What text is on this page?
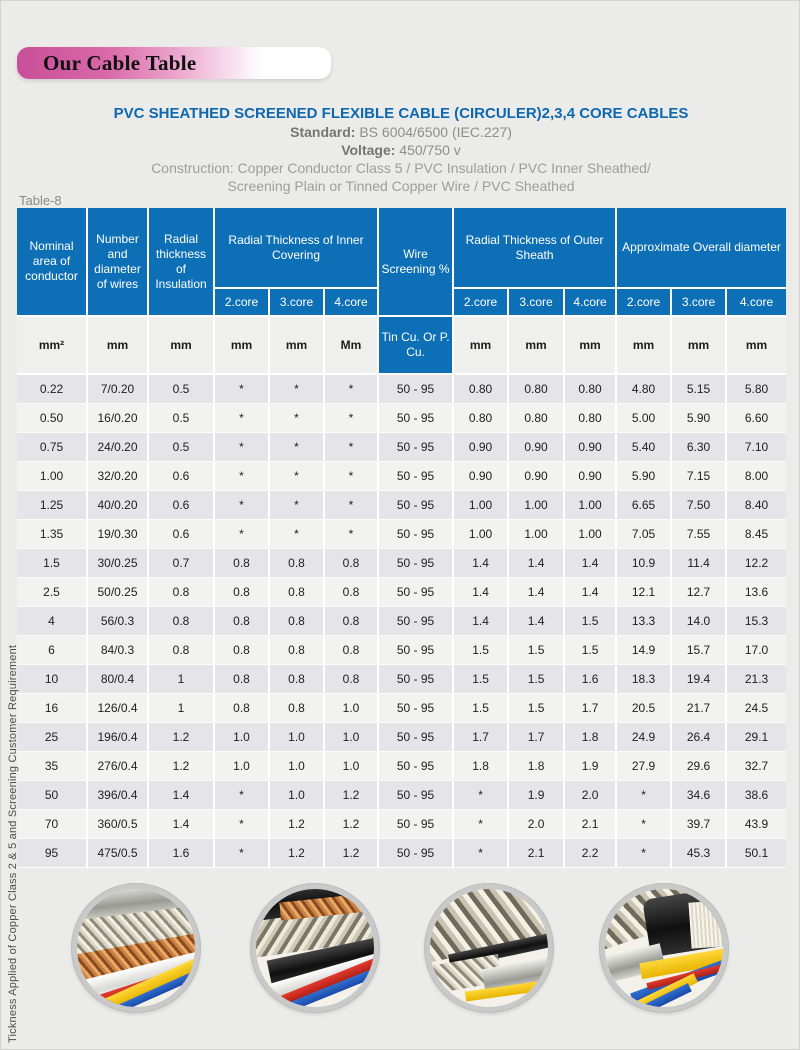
Our Cable Table
PVC SHEATHED SCREENED FLEXIBLE CABLE (CIRCULER)2,3,4 CORE CABLES
Standard: BS 6004/6500 (IEC.227)
Voltage: 450/750 v
Construction: Copper Conductor Class 5 / PVC Insulation / PVC Inner Sheathed/
Screening Plain or Tinned Copper Wire / PVC Sheathed
Table-8
Nominal area of conductor	Number and diameter of wires	Radial thickness of Insulation	Radial Thickness of Inner Covering			Wire Screening %	Radial Thickness of Outer Sheath			Approximate Overall diameter		
			2.core	3.core	4.core		2.core	3.core	4.core	2.core	3.core	4.core
mm²	mm	mm	mm	mm	Mm	Tin Cu. Or P. Cu.	mm	mm	mm	mm	mm	mm
0.22	7/0.20	0.5	*	*	*	50 - 95	0.80	0.80	0.80	4.80	5.15	5.80
0.50	16/0.20	0.5	*	*	*	50 - 95	0.80	0.80	0.80	5.00	5.90	6.60
0.75	24/0.20	0.5	*	*	*	50 - 95	0.90	0.90	0.90	5.40	6.30	7.10
1.00	32/0.20	0.6	*	*	*	50 - 95	0.90	0.90	0.90	5.90	7.15	8.00
1.25	40/0.20	0.6	*	*	*	50 - 95	1.00	1.00	1.00	6.65	7.50	8.40
1.35	19/0.30	0.6	*	*	*	50 - 95	1.00	1.00	1.00	7.05	7.55	8.45
1.5	30/0.25	0.7	0.8	0.8	0.8	50 - 95	1.4	1.4	1.4	10.9	11.4	12.2
2.5	50/0.25	0.8	0.8	0.8	0.8	50 - 95	1.4	1.4	1.4	12.1	12.7	13.6
4	56/0.3	0.8	0.8	0.8	0.8	50 - 95	1.4	1.4	1.5	13.3	14.0	15.3
6	84/0.3	0.8	0.8	0.8	0.8	50 - 95	1.5	1.5	1.5	14.9	15.7	17.0
10	80/0.4	1	0.8	0.8	0.8	50 - 95	1.5	1.5	1.6	18.3	19.4	21.3
16	126/0.4	1	0.8	0.8	1.0	50 - 95	1.5	1.5	1.7	20.5	21.7	24.5
25	196/0.4	1.2	1.0	1.0	1.0	50 - 95	1.7	1.7	1.8	24.9	26.4	29.1
35	276/0.4	1.2	1.0	1.0	1.0	50 - 95	1.8	1.8	1.9	27.9	29.6	32.7
50	396/0.4	1.4	*	1.0	1.2	50 - 95	*	1.9	2.0	*	34.6	38.6
70	360/0.5	1.4	*	1.2	1.2	50 - 95	*	2.0	2.1	*	39.7	43.9
95	475/0.5	1.6	*	1.2	1.2	50 - 95	*	2.1	2.2	*	45.3	50.1
Tickness Applied of Copper Class 2 & 5 and Screening Customer Requirement
